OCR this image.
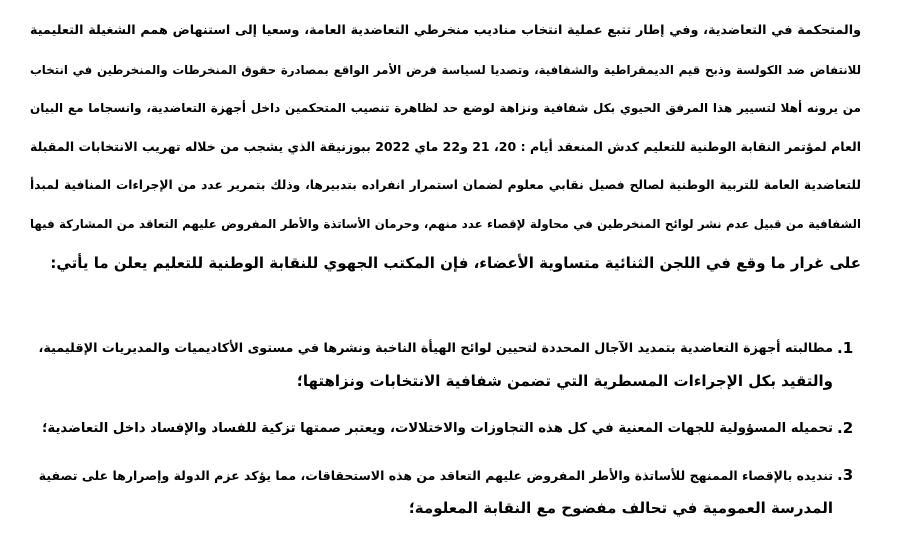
والمتحكمة في التعاضدية، وفي إطار تتبع عملية انتخاب مناديب منخرطي التعاضدية العامة، وسعيا إلى استنهاض همم الشغيلة التعليمية
للانتفاض ضد الكولسة وذبح قيم الديمقراطية والشفافية، وتصديا لسياسة فرض الأمر الواقع بمصادرة حقوق المنخرطات والمنخرطين في انتخاب
من يرونه أهلا لتسيير هذا المرفق الحيوي بكل شفافية ونزاهة لوضع حد لظاهرة تنصيب المتحكمين داخل أجهزة التعاضدية، وانسجاما مع البيان
العام لمؤتمر النقابة الوطنية للتعليم كدش المنعقد أيام : 20، 21 و22 ماي 2022 ببوزنيقة الذي يشجب من خلاله تهريب الانتخابات المقبلة
للتعاضدية العامة للتربية الوطنية لصالح فصيل نقابي معلوم لضمان استمرار انفراده بتدبيرها، وذلك بتمرير عدد من الإجراءات المنافية لمبدأ
الشفافية من قبيل عدم نشر لوائح المنخرطين في محاولة لإقصاء عدد منهم، وحرمان الأساتذة والأطر المفروض عليهم التعاقد من المشاركة فيها
على غرار ما وقع في اللجن الثنائية متساوية الأعضاء، فإن المكتب الجهوي للنقابة الوطنية للتعليم يعلن ما يأتي:
.1
مطالبته أجهزة التعاضدية بتمديد الآجال المحددة لتحيين لوائح الهيأة الناخبة ونشرها في مستوى الأكاديميات والمديريات الإقليمية،
والتقيد بكل الإجراءات المسطرية التي تضمن شفافية الانتخابات ونزاهتها؛
.2
تحميله المسؤولية للجهات المعنية في كل هذه التجاوزات والاختلالات، ويعتبر صمتها تزكية للفساد والإفساد داخل التعاضدية؛
.3
تنديده بالإقصاء الممنهج للأساتذة والأطر المفروض عليهم التعاقد من هذه الاستحقاقات، مما يؤكد عزم الدولة وإصرارها على تصفية
المدرسة العمومية في تحالف مفضوح مع النقابة المعلومة؛
